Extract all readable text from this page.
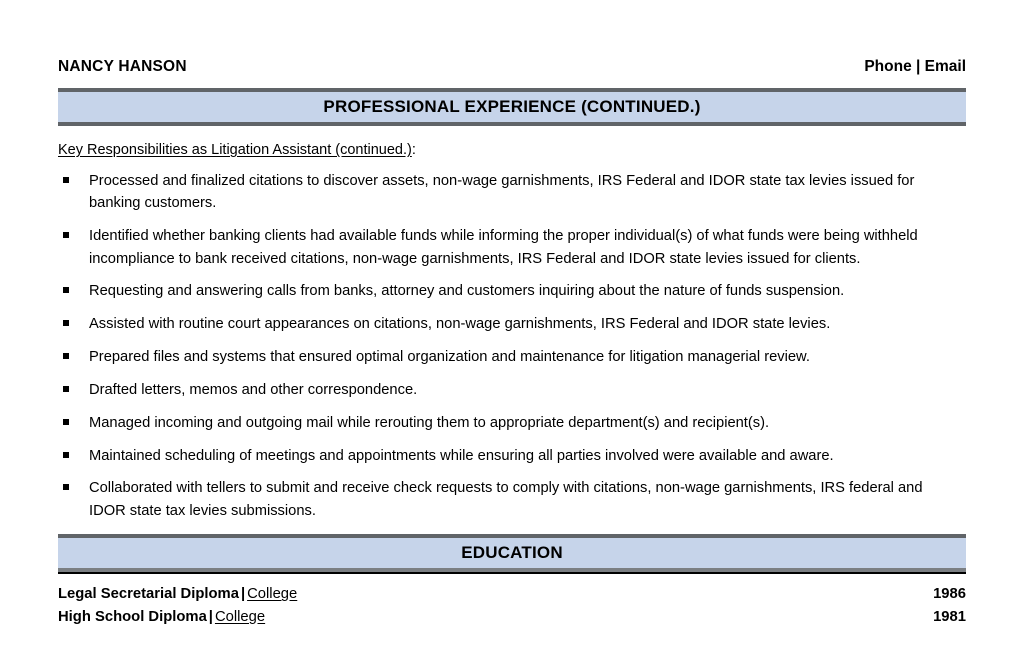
NANCY HANSON	Phone | Email
PROFESSIONAL EXPERIENCE (CONTINUED.)
Key Responsibilities as Litigation Assistant (continued.):
Processed and finalized citations to discover assets, non-wage garnishments, IRS Federal and IDOR state tax levies issued for banking customers.
Identified whether banking clients had available funds while informing the proper individual(s) of what funds were being withheld incompliance to bank received citations, non-wage garnishments, IRS Federal and IDOR state levies issued for clients.
Requesting and answering calls from banks, attorney and customers inquiring about the nature of funds suspension.
Assisted with routine court appearances on citations, non-wage garnishments, IRS Federal and IDOR state levies.
Prepared files and systems that ensured optimal organization and maintenance for litigation managerial review.
Drafted letters, memos and other correspondence.
Managed incoming and outgoing mail while rerouting them to appropriate department(s) and recipient(s).
Maintained scheduling of meetings and appointments while ensuring all parties involved were available and aware.
Collaborated with tellers to submit and receive check requests to comply with citations, non-wage garnishments, IRS federal and IDOR state tax levies submissions.
EDUCATION
Legal Secretarial Diploma | College	1986
High School Diploma | College	1981
